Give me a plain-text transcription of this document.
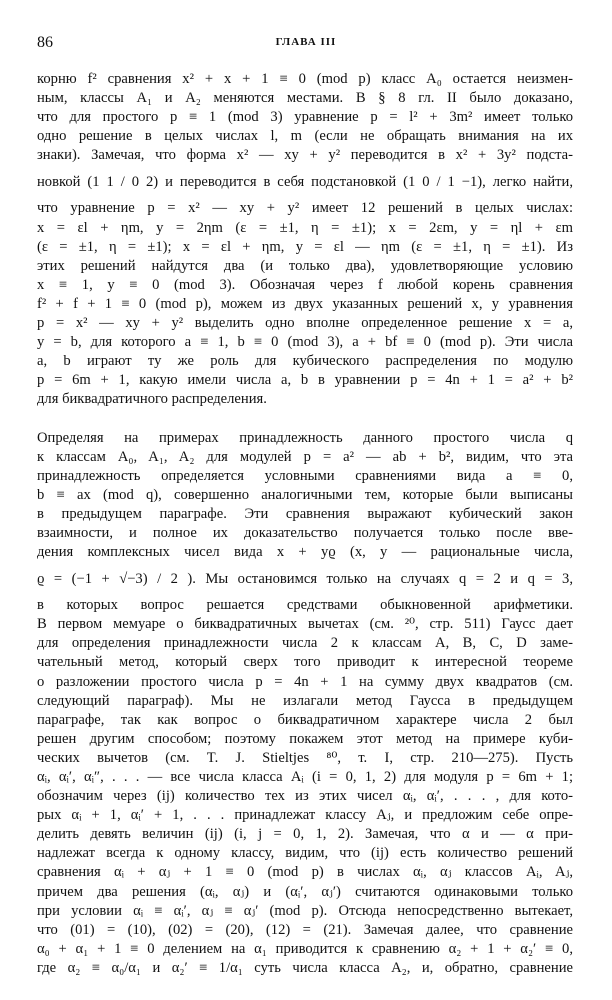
86	ГЛАВА III
корню f² сравнения x² + x + 1 ≡ 0 (mod p) класс A₀ остается неизмен-
ным, классы A₁ и A₂ меняются местами. В § 8 гл. II было доказано,
что для простого p ≡ 1 (mod 3) уравнение p = l² + 3m² имеет только
одно решение в целых числах l, m (если не обращать внимания на их
знаки). Замечая, что форма x² — xy + y² переводится в x² + 3y² подста-
новкой (1 1 / 0 2) и переводится в себя подстановкой (1 0 / 1 −1), легко найти,
что уравнение p = x² — xy + y² имеет 12 решений в целых числах:
x = εl + ηm, y = 2ηm (ε = ±1, η = ±1); x = 2εm, y = ηl + εm
(ε = ±1, η = ±1); x = εl + ηm, y = εl — ηm (ε = ±1, η = ±1). Из
этих решений найдутся два (и только два), удовлетворяющие условию
x ≡ 1, y ≡ 0 (mod 3). Обозначая через f любой корень сравнения
f² + f + 1 ≡ 0 (mod p), можем из двух указанных решений x, y уравнения
p = x² — xy + y² выделить одно вполне определенное решение x = a,
y = b, для которого a ≡ 1, b ≡ 0 (mod 3), a + bf ≡ 0 (mod p). Эти числа
a, b играют ту же роль для кубического распределения по модулю
p = 6m + 1, какую имели числа a, b в уравнении p = 4n + 1 = a² + b²
для биквадратичного распределения.
Определяя на примерах принадлежность данного простого числа q
к классам A₀, A₁, A₂ для модулей p = a² — ab + b², видим, что эта
принадлежность определяется условными сравнениями вида a ≡ 0,
b ≡ ax (mod q), совершенно аналогичными тем, которые были выписаны
в предыдущем параграфе. Эти сравнения выражают кубический закон
взаимности, и полное их доказательство получается только после вве-
дения комплексных чисел вида x + yϱ (x, y — рациональные числа,
ϱ = (−1 + √−3) / 2 ). Мы остановимся только на случаях q = 2 и q = 3,
в которых вопрос решается средствами обыкновенной арифметики.
В первом мемуаре о биквадратичных вычетах (см. ²⁰, стр. 511) Гаусс дает
для определения принадлежности числа 2 к классам A, B, C, D заме-
чательный метод, который сверх того приводит к интересной теореме
о разложении простого числа p = 4n + 1 на сумму двух квадратов (см.
следующий параграф). Мы не излагали метод Гаусса в предыдущем
параграфе, так как вопрос о биквадратичном характере числа 2 был
решен другим способом; поэтому покажем этот метод на примере куби-
ческих вычетов (см. T. J. Stieltjes ⁸⁰, т. I, стр. 210—275). Пусть
αᵢ, αᵢ′, αᵢ″, . . . — все числа класса Aᵢ (i = 0, 1, 2) для модуля p = 6m + 1;
обозначим через (ij) количество тех из этих чисел αᵢ, αᵢ′, . . . , для кото-
рых αᵢ + 1, αᵢ′ + 1, . . . принадлежат классу Aⱼ, и предложим себе опре-
делить девять величин (ij) (i, j = 0, 1, 2). Замечая, что α и — α при-
надлежат всегда к одному классу, видим, что (ij) есть количество решений
сравнения αᵢ + αⱼ + 1 ≡ 0 (mod p) в числах αᵢ, αⱼ классов Aᵢ, Aⱼ,
причем два решения (αᵢ, αⱼ) и (αᵢ′, αⱼ′) считаются одинаковыми только
при условии αᵢ ≡ αᵢ′, αⱼ ≡ αⱼ′ (mod p). Отсюда непосредственно вытекает,
что (01) = (10), (02) = (20), (12) = (21). Замечая далее, что сравнение
α₀ + α₁ + 1 ≡ 0 делением на α₁ приводится к сравнению α₂ + 1 + α₂′ ≡ 0,
где α₂ ≡ α₀/α₁ и α₂′ ≡ 1/α₁ суть числа класса A₂, и, обратно, сравнение
